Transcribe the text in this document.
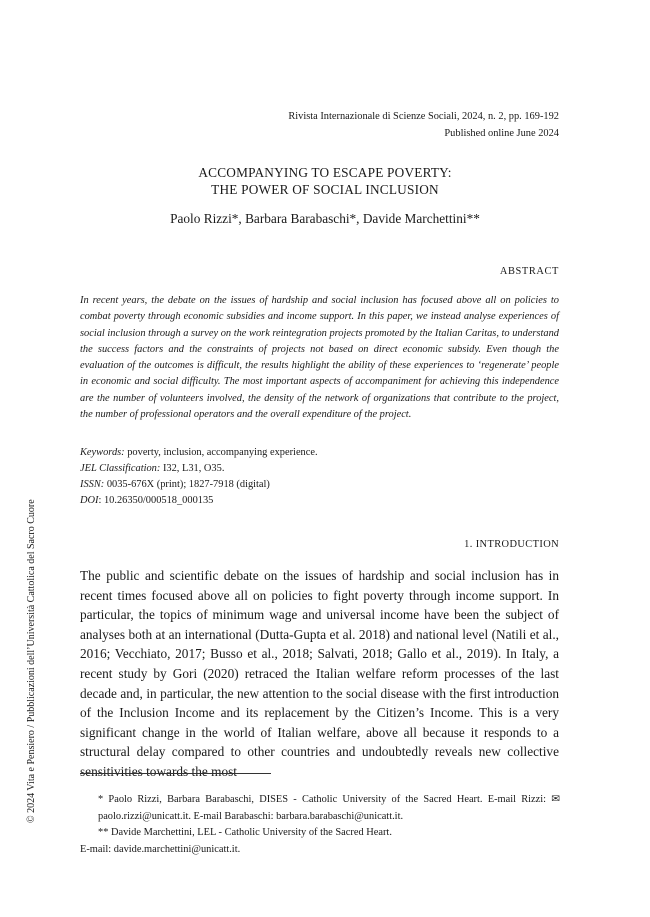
Rivista Internazionale di Scienze Sociali, 2024, n. 2, pp. 169-192
Published online June 2024
ACCOMPANYING TO ESCAPE POVERTY:
THE POWER OF SOCIAL INCLUSION
Paolo Rizzi*, Barbara Barabaschi*, Davide Marchettini**
ABSTRACT
In recent years, the debate on the issues of hardship and social inclusion has focused above all on policies to combat poverty through economic subsidies and income support. In this paper, we instead analyse experiences of social inclusion through a survey on the work reintegration projects promoted by the Italian Caritas, to understand the success factors and the constraints of projects not based on direct economic subsidy. Even though the evaluation of the outcomes is difficult, the results highlight the ability of these experiences to ‘regenerate’ people in economic and social difficulty. The most important aspects of accompaniment for achieving this independence are the number of volunteers involved, the density of the network of organizations that contribute to the project, the number of professional operators and the overall expenditure of the project.
Keywords: poverty, inclusion, accompanying experience.
JEL Classification: I32, L31, O35.
ISSN: 0035-676X (print); 1827-7918 (digital)
DOI: 10.26350/000518_000135
© 2024 Vita e Pensiero / Pubblicazioni dell’Università Cattolica del Sacro Cuore	1. INTRODUCTION
The public and scientific debate on the issues of hardship and social inclusion has in recent times focused above all on policies to fight poverty through income support. In particular, the topics of minimum wage and universal income have been the subject of analyses both at an international (Dutta-Gupta et al. 2018) and national level (Natili et al., 2016; Vecchiato, 2017; Busso et al., 2018; Salvati, 2018; Gallo et al., 2019). In Italy, a recent study by Gori (2020) retraced the Italian welfare reform processes of the last decade and, in particular, the new attention to the social disease with the first introduction of the Inclusion Income and its replacement by the Citizen’s Income. This is a very significant change in the world of Italian welfare, above all because it responds to a structural delay compared to other countries and undoubtedly reveals new collective sensitivities towards the most
* Paolo Rizzi, Barbara Barabaschi, DISES - Catholic University of the Sacred Heart. E-mail Rizzi: ✉ paolo.rizzi@unicatt.it. E-mail Barabaschi: barbara.barabaschi@unicatt.it.
** Davide Marchettini, LEL - Catholic University of the Sacred Heart.
E-mail: davide.marchettini@unicatt.it.
